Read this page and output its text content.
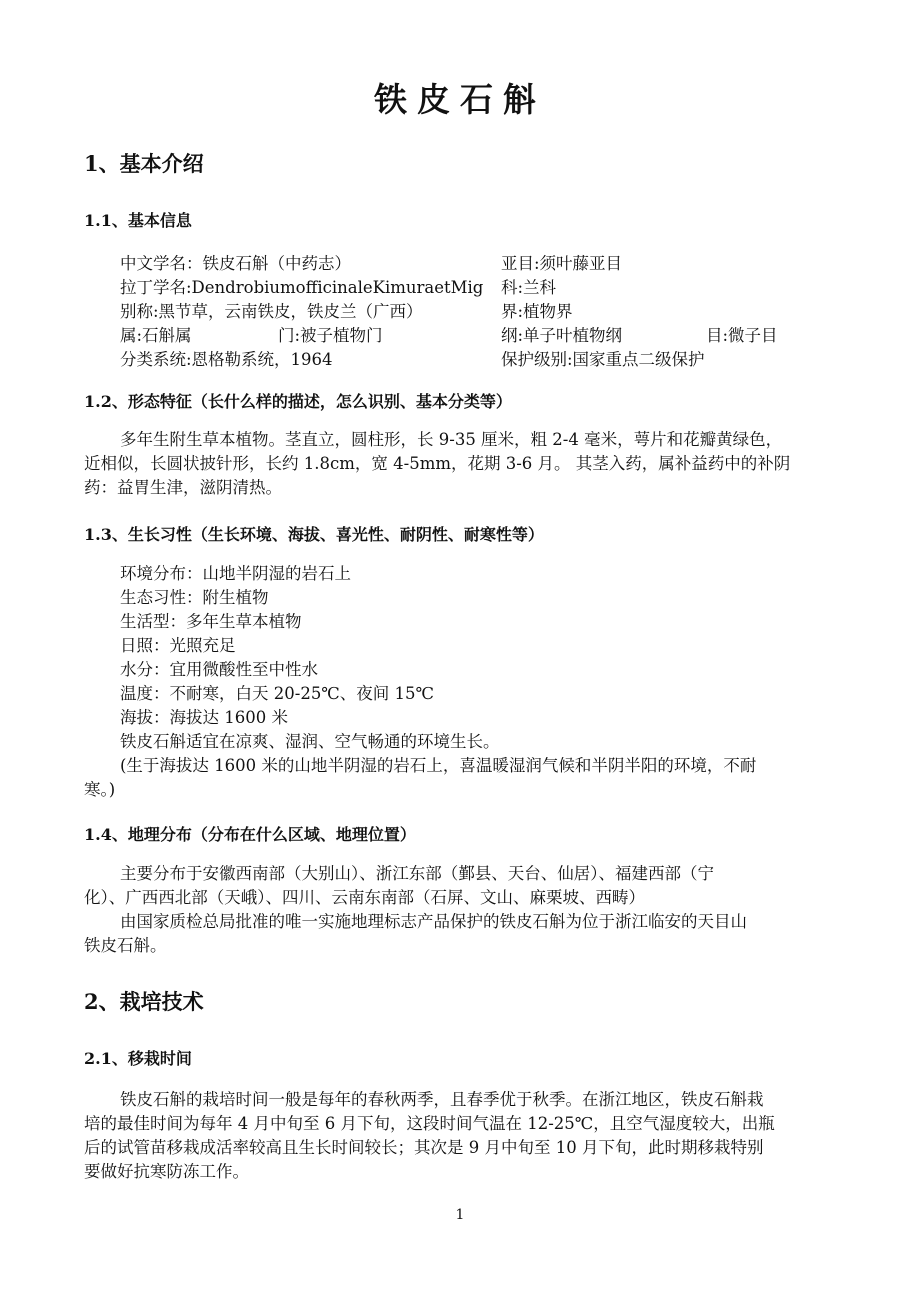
铁皮石斛
1、基本介绍
1.1、基本信息
中文学名：铁皮石斛（中药志）	亚目:须叶藤亚目
拉丁学名:DendrobiumofficinaleKimuraetMig 科:兰科
别称:黑节草，云南铁皮，铁皮兰（广西）	界:植物界
属:石斛属	门:被子植物门	纲:单子叶植物纲	目:微子目
分类系统:恩格勒系统，1964	保护级别:国家重点二级保护
1.2、形态特征（长什么样的描述，怎么识别、基本分类等）
多年生附生草本植物。茎直立，圆柱形，长 9-35 厘米，粗 2-4 毫米，萼片和花瓣黄绿色，
近相似，长圆状披针形，长约 1.8cm，宽 4-5mm，花期 3-6 月。 其茎入药，属补益药中的补阴
药：益胃生津，滋阴清热。
1.3、生长习性（生长环境、海拔、喜光性、耐阴性、耐寒性等）
环境分布：山地半阴湿的岩石上
生态习性：附生植物
生活型：多年生草本植物
日照：光照充足
水分：宜用微酸性至中性水
温度：不耐寒，白天 20-25℃、夜间 15℃
海拔：海拔达 1600 米
铁皮石斛适宜在凉爽、湿润、空气畅通的环境生长。
(生于海拔达 1600 米的山地半阴湿的岩石上，喜温暖湿润气候和半阴半阳的环境，不耐
寒。)
1.4、地理分布（分布在什么区域、地理位置）
主要分布于安徽西南部（大别山）、浙江东部（鄞县、天台、仙居）、福建西部（宁
化）、广西西北部（天峨）、四川、云南东南部（石屏、文山、麻栗坡、西畴）
由国家质检总局批准的唯一实施地理标志产品保护的铁皮石斛为位于浙江临安的天目山
铁皮石斛。
2、栽培技术
2.1、移栽时间
铁皮石斛的栽培时间一般是每年的春秋两季，且春季优于秋季。在浙江地区，铁皮石斛栽
培的最佳时间为每年 4 月中旬至 6 月下旬，这段时间气温在 12-25℃，且空气湿度较大，出瓶
后的试管苗移栽成活率较高且生长时间较长；其次是 9 月中旬至 10 月下旬，此时期移栽特别
要做好抗寒防冻工作。
1
